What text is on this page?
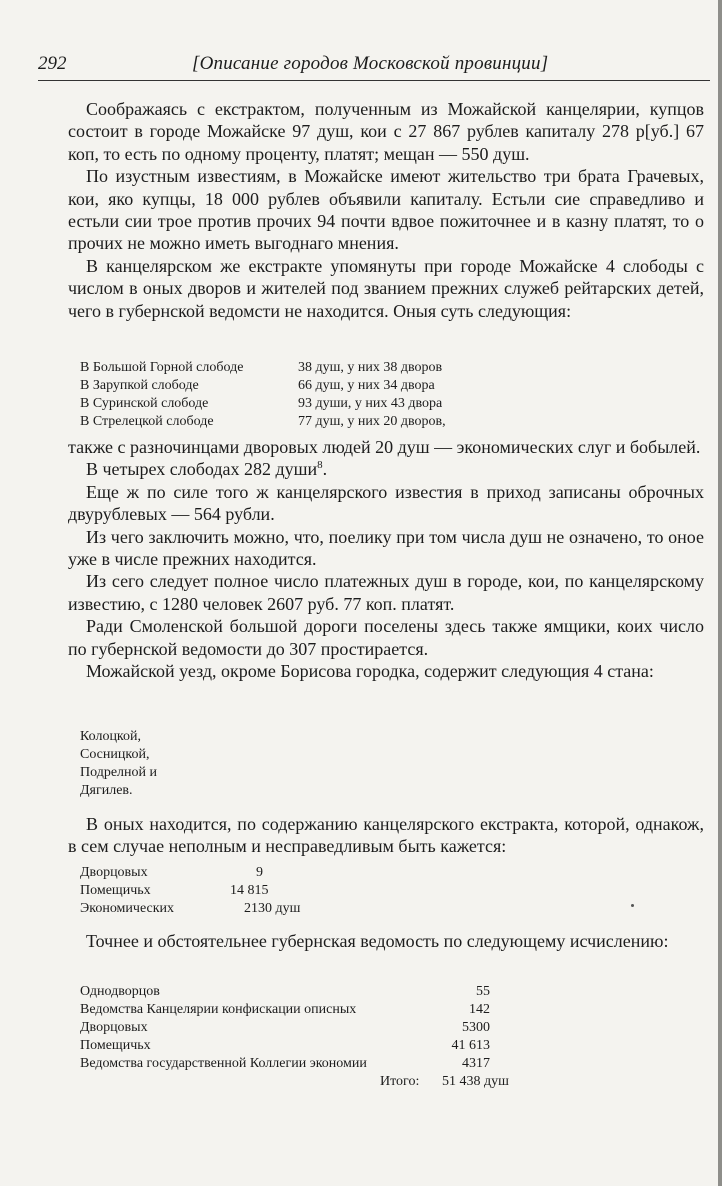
292	[Описание городов Московской провинции]

Соображаясь с екстрактом, полученным из Можайской канцелярии, купцов состоит в городе Можайске 97 душ, кои с 27 867 рублев капиталу 278 р[уб.] 67 коп, то есть по одному проценту, платят; мещан — 550 душ.

По изустным известиям, в Можайске имеют жительство три брата Грачевых, кои, яко купцы, 18 000 рублев объявили капиталу. Естьли сие справедливо и естьли сии трое против прочих 94 почти вдвое пожиточнее и в казну платят, то о прочих не можно иметь выгоднаго мнения.

В канцелярском же екстракте упомянуты при городе Можайске 4 слободы с числом в оных дворов и жителей под званием прежних служеб рейтарских детей, чего в губернской ведомсти не находится. Оныя суть следующия:

В Большой Горной слободе	38 душ, у них 38 дворов
В Зарупкой слободе	66 душ, у них 34 двора
В Суринской слободе	93 души, у них 43 двора
В Стрелецкой слободе	77 душ, у них 20 дворов,

также с разночинцами дворовых людей 20 душ — экономических слуг и бобылей.

В четырех слободах 282 души$^8$.

Еще ж по силе того ж канцелярского известия в приход записаны оброчных двурублевых — 564 рубли.

Из чего заключить можно, что, поелику при том числа душ не означено, то оное уже в числе прежних находится.

Из сего следует полное число платежных душ в городе, кои, по канцелярскому известию, с 1280 человек 2607 руб. 77 коп. платят.

Ради Смоленской большой дороги поселены здесь также ямщики, коих число по губернской ведомости до 307 простирается.

Можайской уезд, окроме Борисова городка, содержит следующия 4 стана:

Колоцкой,
Сосницкой,
Подрелной и
Дягилев.

В оных находится, по содержанию канцелярского екстракта, которой, однакож, в сем случае неполным и несправедливым быть кажется:

Дворцовых	9
Помещичьх	14 815
Экономических	2130 душ

Точнее и обстоятельнее губернская ведомость по следующему исчислению:

Однодворцов	55
Ведомства Канцелярии конфискации описных	142
Дворцовых	5300
Помещичьх	41 613
Ведомства государственной Коллегии экономии	4317
Итого: 51 438 душ
